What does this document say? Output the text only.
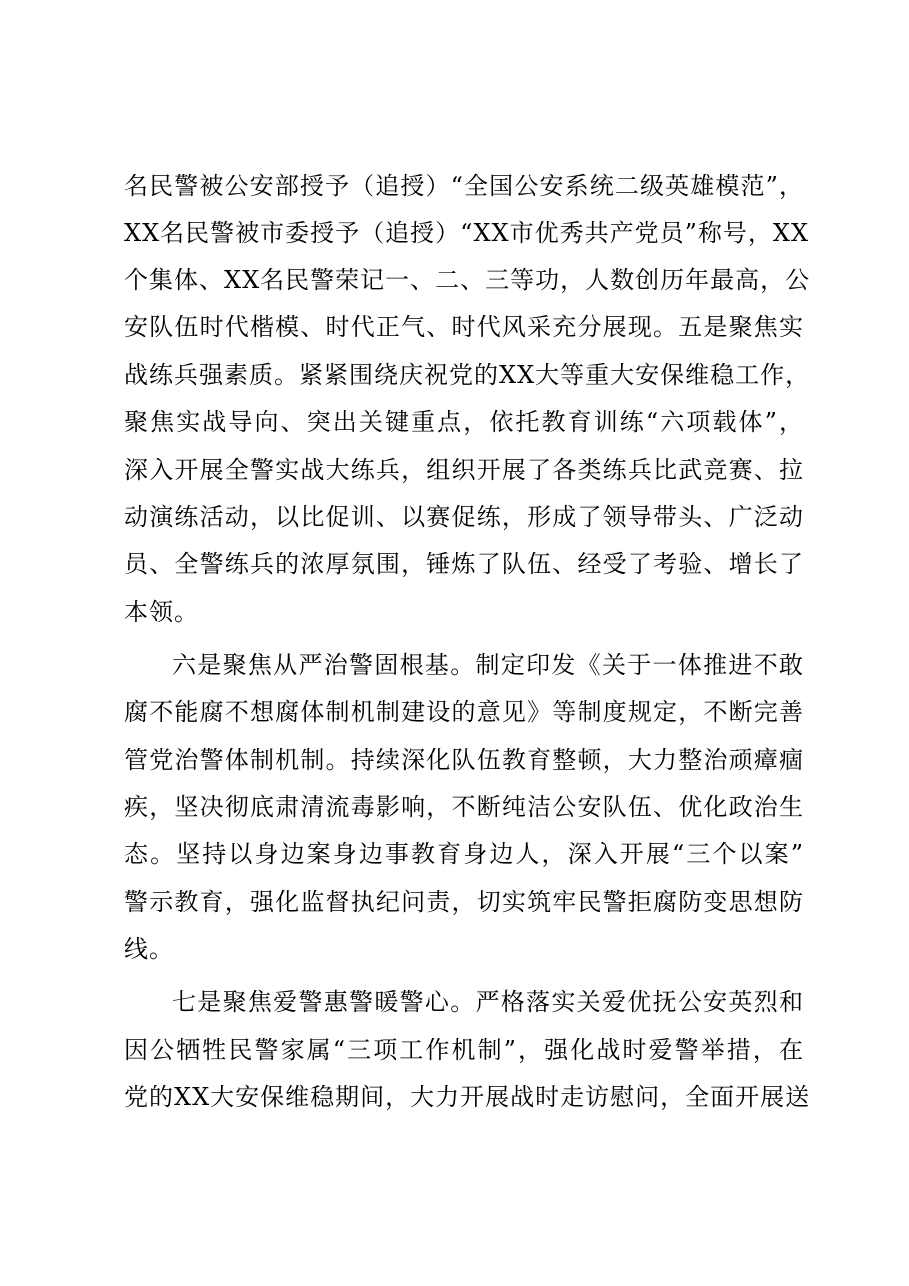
名民警被公安部授予（追授）“全国公安系统二级英雄模范”，
XX名民警被市委授予（追授）“XX市优秀共产党员”称号，XX
个集体、XX名民警荣记一、二、三等功，人数创历年最高，公
安队伍时代楷模、时代正气、时代风采充分展现。五是聚焦实
战练兵强素质。紧紧围绕庆祝党的XX大等重大安保维稳工作，
聚焦实战导向、突出关键重点，依托教育训练“六项载体”，
深入开展全警实战大练兵，组织开展了各类练兵比武竞赛、拉
动演练活动，以比促训、以赛促练，形成了领导带头、广泛动
员、全警练兵的浓厚氛围，锤炼了队伍、经受了考验、增长了
本领。
六是聚焦从严治警固根基。制定印发《关于一体推进不敢
腐不能腐不想腐体制机制建设的意见》等制度规定，不断完善
管党治警体制机制。持续深化队伍教育整顿，大力整治顽瘴痼
疾，坚决彻底肃清流毒影响，不断纯洁公安队伍、优化政治生
态。坚持以身边案身边事教育身边人，深入开展“三个以案”
警示教育，强化监督执纪问责，切实筑牢民警拒腐防变思想防
线。
七是聚焦爱警惠警暖警心。严格落实关爱优抚公安英烈和
因公牺牲民警家属“三项工作机制”，强化战时爱警举措，在
党的XX大安保维稳期间，大力开展战时走访慰问，全面开展送
